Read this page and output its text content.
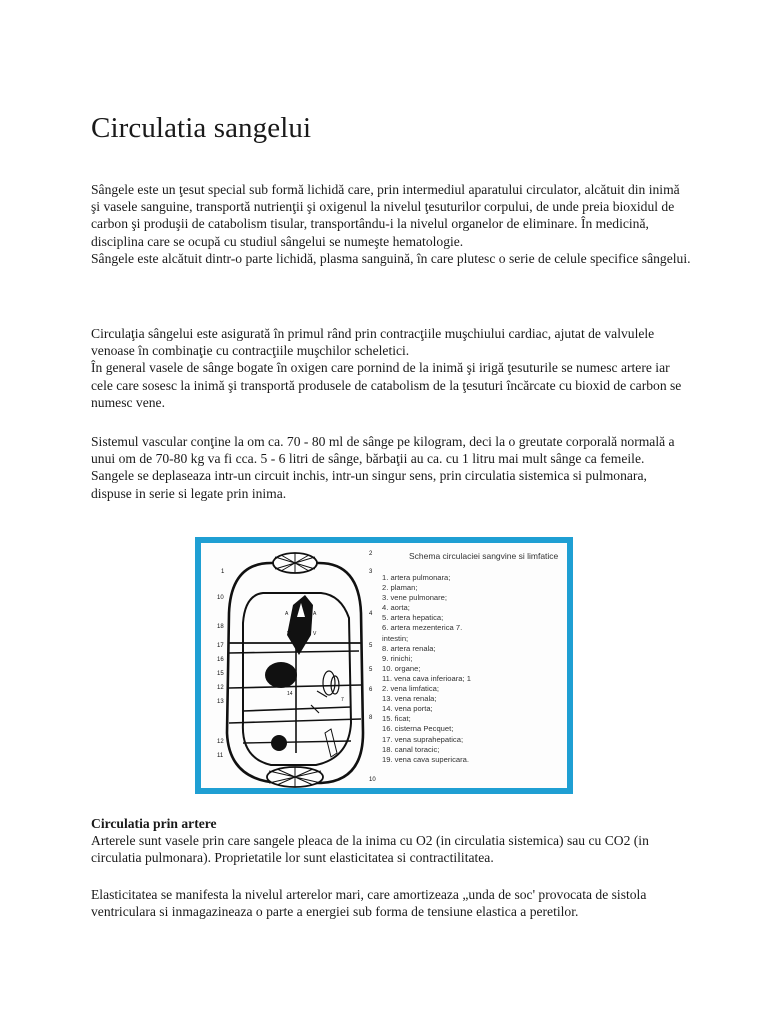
Circulatia sangelui

Sângele este un ţesut special sub formă lichidă care, prin intermediul aparatului circulator, alcătuit din inimă şi vasele sanguine, transportă nutrienţii şi oxigenul la nivelul ţesuturilor corpului, de unde preia bioxidul de carbon şi produşii de catabolism tisular, transportându-i la nivelul organelor de eliminare. În medicină, disciplina care se ocupă cu studiul sângelui se numeşte hematologie.

Sângele este alcătuit dintr-o parte lichidă, plasma sanguină, în care plutesc o serie de celule specifice sângelui.

Circulaţia sângelui este asigurată în primul rând prin contracţiile muşchiului cardiac, ajutat de valvulele venoase în combinaţie cu contracţiile muşchilor scheletici.

În general vasele de sânge bogate în oxigen care pornind de la inimă şi irigă ţesuturile se numesc artere iar cele care sosesc la inimă şi transportă produsele de catabolism de la ţesuturi încărcate cu bioxid de carbon se numesc vene.

Sistemul vascular conţine la om ca. 70 - 80 ml de sânge pe kilogram, deci la o greutate corporală normală a unui om de 70-80 kg va fi cca. 5 - 6 litri de sânge, bărbaţii au ca. cu 1 litru mai mult sânge ca femeile.

Sangele se deplaseaza intr-un circuit inchis, intr-un singur sens, prin circulatia sistemica si pulmonara, dispuse in serie si legate prin inima.

1
10
18
17
16
15
12
13
12
11
2
3
4
5
5
6
8
10
A	A
V	V
14
7
Schema circulaciei sangvine si limfatice
1. artera pulmonara;
2. plaman;
3. vene pulmonare;
4. aorta;
5. artera hepatica;
6. artera mezenterica 7.
intestin;
8. artera renala;
9. rinichi;
10. organe;
11. vena cava inferioara; 1
2. vena limfatica;
13. vena renala;
14. vena porta;
15. ficat;
16. cisterna Pecquet;
17. vena suprahepatica;
18. canal toracic;
19. vena cava supericara.

Circulatia prin artere

Arterele sunt vasele prin care sangele pleaca de la inima cu O2 (in circulatia sistemica) sau cu CO2 (in circulatia pulmonara). Proprietatile lor sunt elasticitatea si contractilitatea.

Elasticitatea se manifesta la nivelul arterelor mari, care amortizeaza „unda de soc' provocata de sistola ventriculara si inmagazineaza o parte a energiei sub forma de tensiune elastica a peretilor.
